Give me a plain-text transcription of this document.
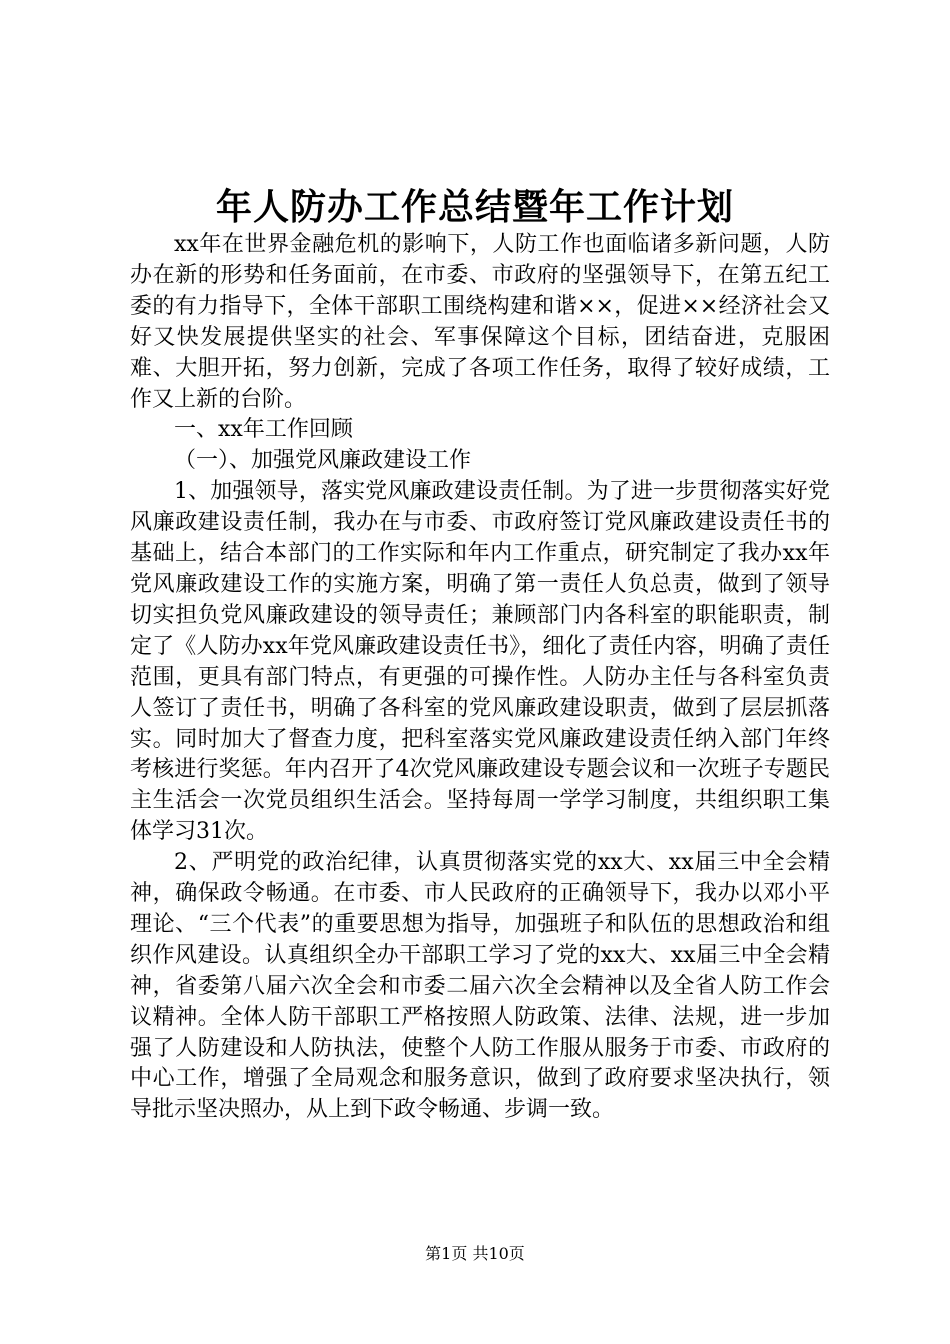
年人防办工作总结暨年工作计划

xx年在世界金融危机的影响下，人防工作也面临诸多新问题，人防办在新的形势和任务面前，在市委、市政府的坚强领导下，在第五纪工委的有力指导下，全体干部职工围绕构建和谐××，促进××经济社会又好又快发展提供坚实的社会、军事保障这个目标，团结奋进，克服困难、大胆开拓，努力创新，完成了各项工作任务，取得了较好成绩，工作又上新的台阶。

一、xx年工作回顾

（一）、加强党风廉政建设工作

1、加强领导，落实党风廉政建设责任制。为了进一步贯彻落实好党风廉政建设责任制，我办在与市委、市政府签订党风廉政建设责任书的基础上，结合本部门的工作实际和年内工作重点，研究制定了我办xx年党风廉政建设工作的实施方案，明确了第一责任人负总责，做到了领导切实担负党风廉政建设的领导责任；兼顾部门内各科室的职能职责，制定了《人防办xx年党风廉政建设责任书》，细化了责任内容，明确了责任范围，更具有部门特点，有更强的可操作性。人防办主任与各科室负责人签订了责任书，明确了各科室的党风廉政建设职责，做到了层层抓落实。同时加大了督查力度，把科室落实党风廉政建设责任纳入部门年终考核进行奖惩。年内召开了4次党风廉政建设专题会议和一次班子专题民主生活会一次党员组织生活会。坚持每周一学学习制度，共组织职工集体学习31次。

2、严明党的政治纪律，认真贯彻落实党的xx大、xx届三中全会精神，确保政令畅通。在市委、市人民政府的正确领导下，我办以邓小平理论、“三个代表”的重要思想为指导，加强班子和队伍的思想政治和组织作风建设。认真组织全办干部职工学习了党的xx大、xx届三中全会精神，省委第八届六次全会和市委二届六次全会精神以及全省人防工作会议精神。全体人防干部职工严格按照人防政策、法律、法规，进一步加强了人防建设和人防执法，使整个人防工作服从服务于市委、市政府的中心工作，增强了全局观念和服务意识，做到了政府要求坚决执行，领导批示坚决照办，从上到下政令畅通、步调一致。

第1页 共10页
